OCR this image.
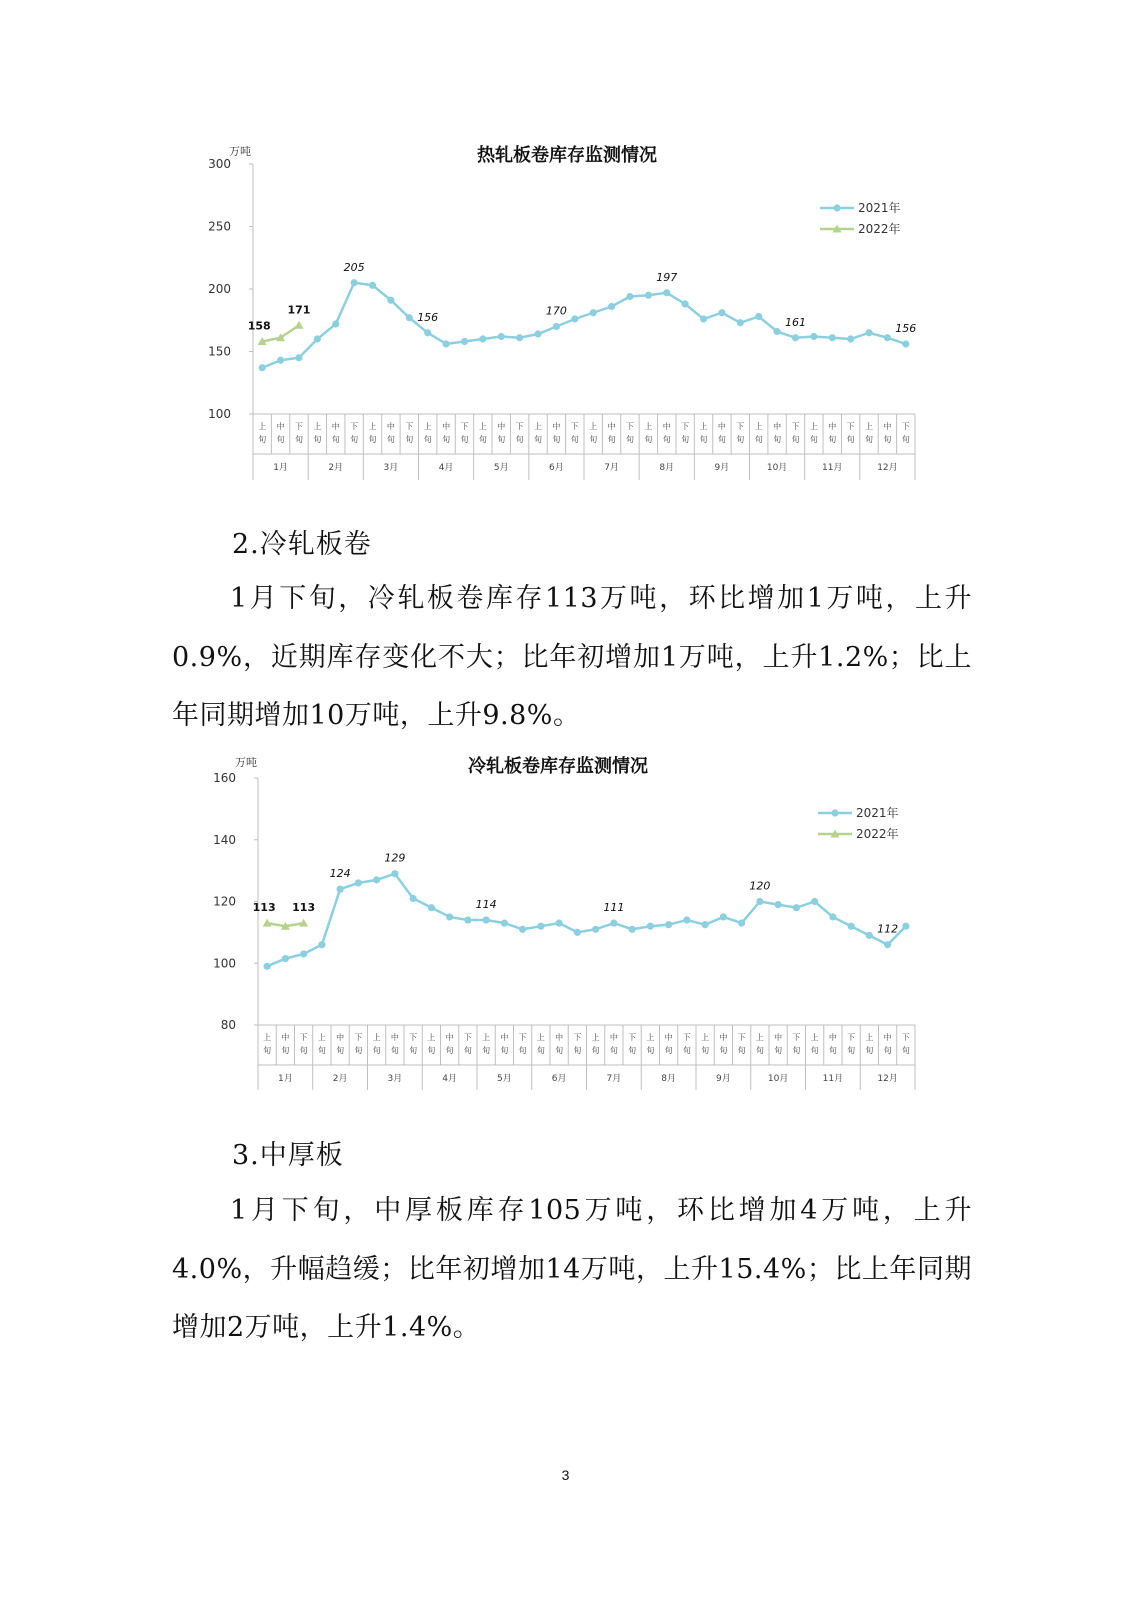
热轧板卷库存监测情况
万吨
100
150
200
250
300
上
旬
中
旬
下
旬
上
旬
中
旬
下
旬
上
旬
中
旬
下
旬
上
旬
中
旬
下
旬
上
旬
中
旬
下
旬
上
旬
中
旬
下
旬
上
旬
中
旬
下
旬
上
旬
中
旬
下
旬
上
旬
中
旬
下
旬
上
旬
中
旬
下
旬
上
旬
中
旬
下
旬
上
旬
中
旬
下
旬
1月	2月	3月	4月	5月	6月	7月	8月	9月	10月	11月	12月
205
156	170
197
161	156
158
171
2021年
2022年
2.冷轧板卷

1月下旬，冷轧板卷库存113万吨，环比增加1万吨，上升0.9%，近期库存变化不大；比年初增加1万吨，上升1.2%；比上年同期增加10万吨，上升9.8%。

冷轧板卷库存监测情况
万吨
80
100
120
140
160
上
旬
中
旬
下
旬
上
旬
中
旬
下
旬
上
旬
中
旬
下
旬
上
旬
中
旬
下
旬
上
旬
中
旬
下
旬
上
旬
中
旬
下
旬
上
旬
中
旬
下
旬
上
旬
中
旬
下
旬
上
旬
中
旬
下
旬
上
旬
中
旬
下
旬
上
旬
中
旬
下
旬
上
旬
中
旬
下
旬
1月	2月	3月	4月	5月	6月	7月	8月	9月	10月	11月	12月
124
129
114	111
120
112
113 113
2021年
2022年
3.中厚板

1月下旬，中厚板库存105万吨，环比增加4万吨，上升4.0%，升幅趋缓；比年初增加14万吨，上升15.4%；比上年同期增加2万吨，上升1.4%。

3
